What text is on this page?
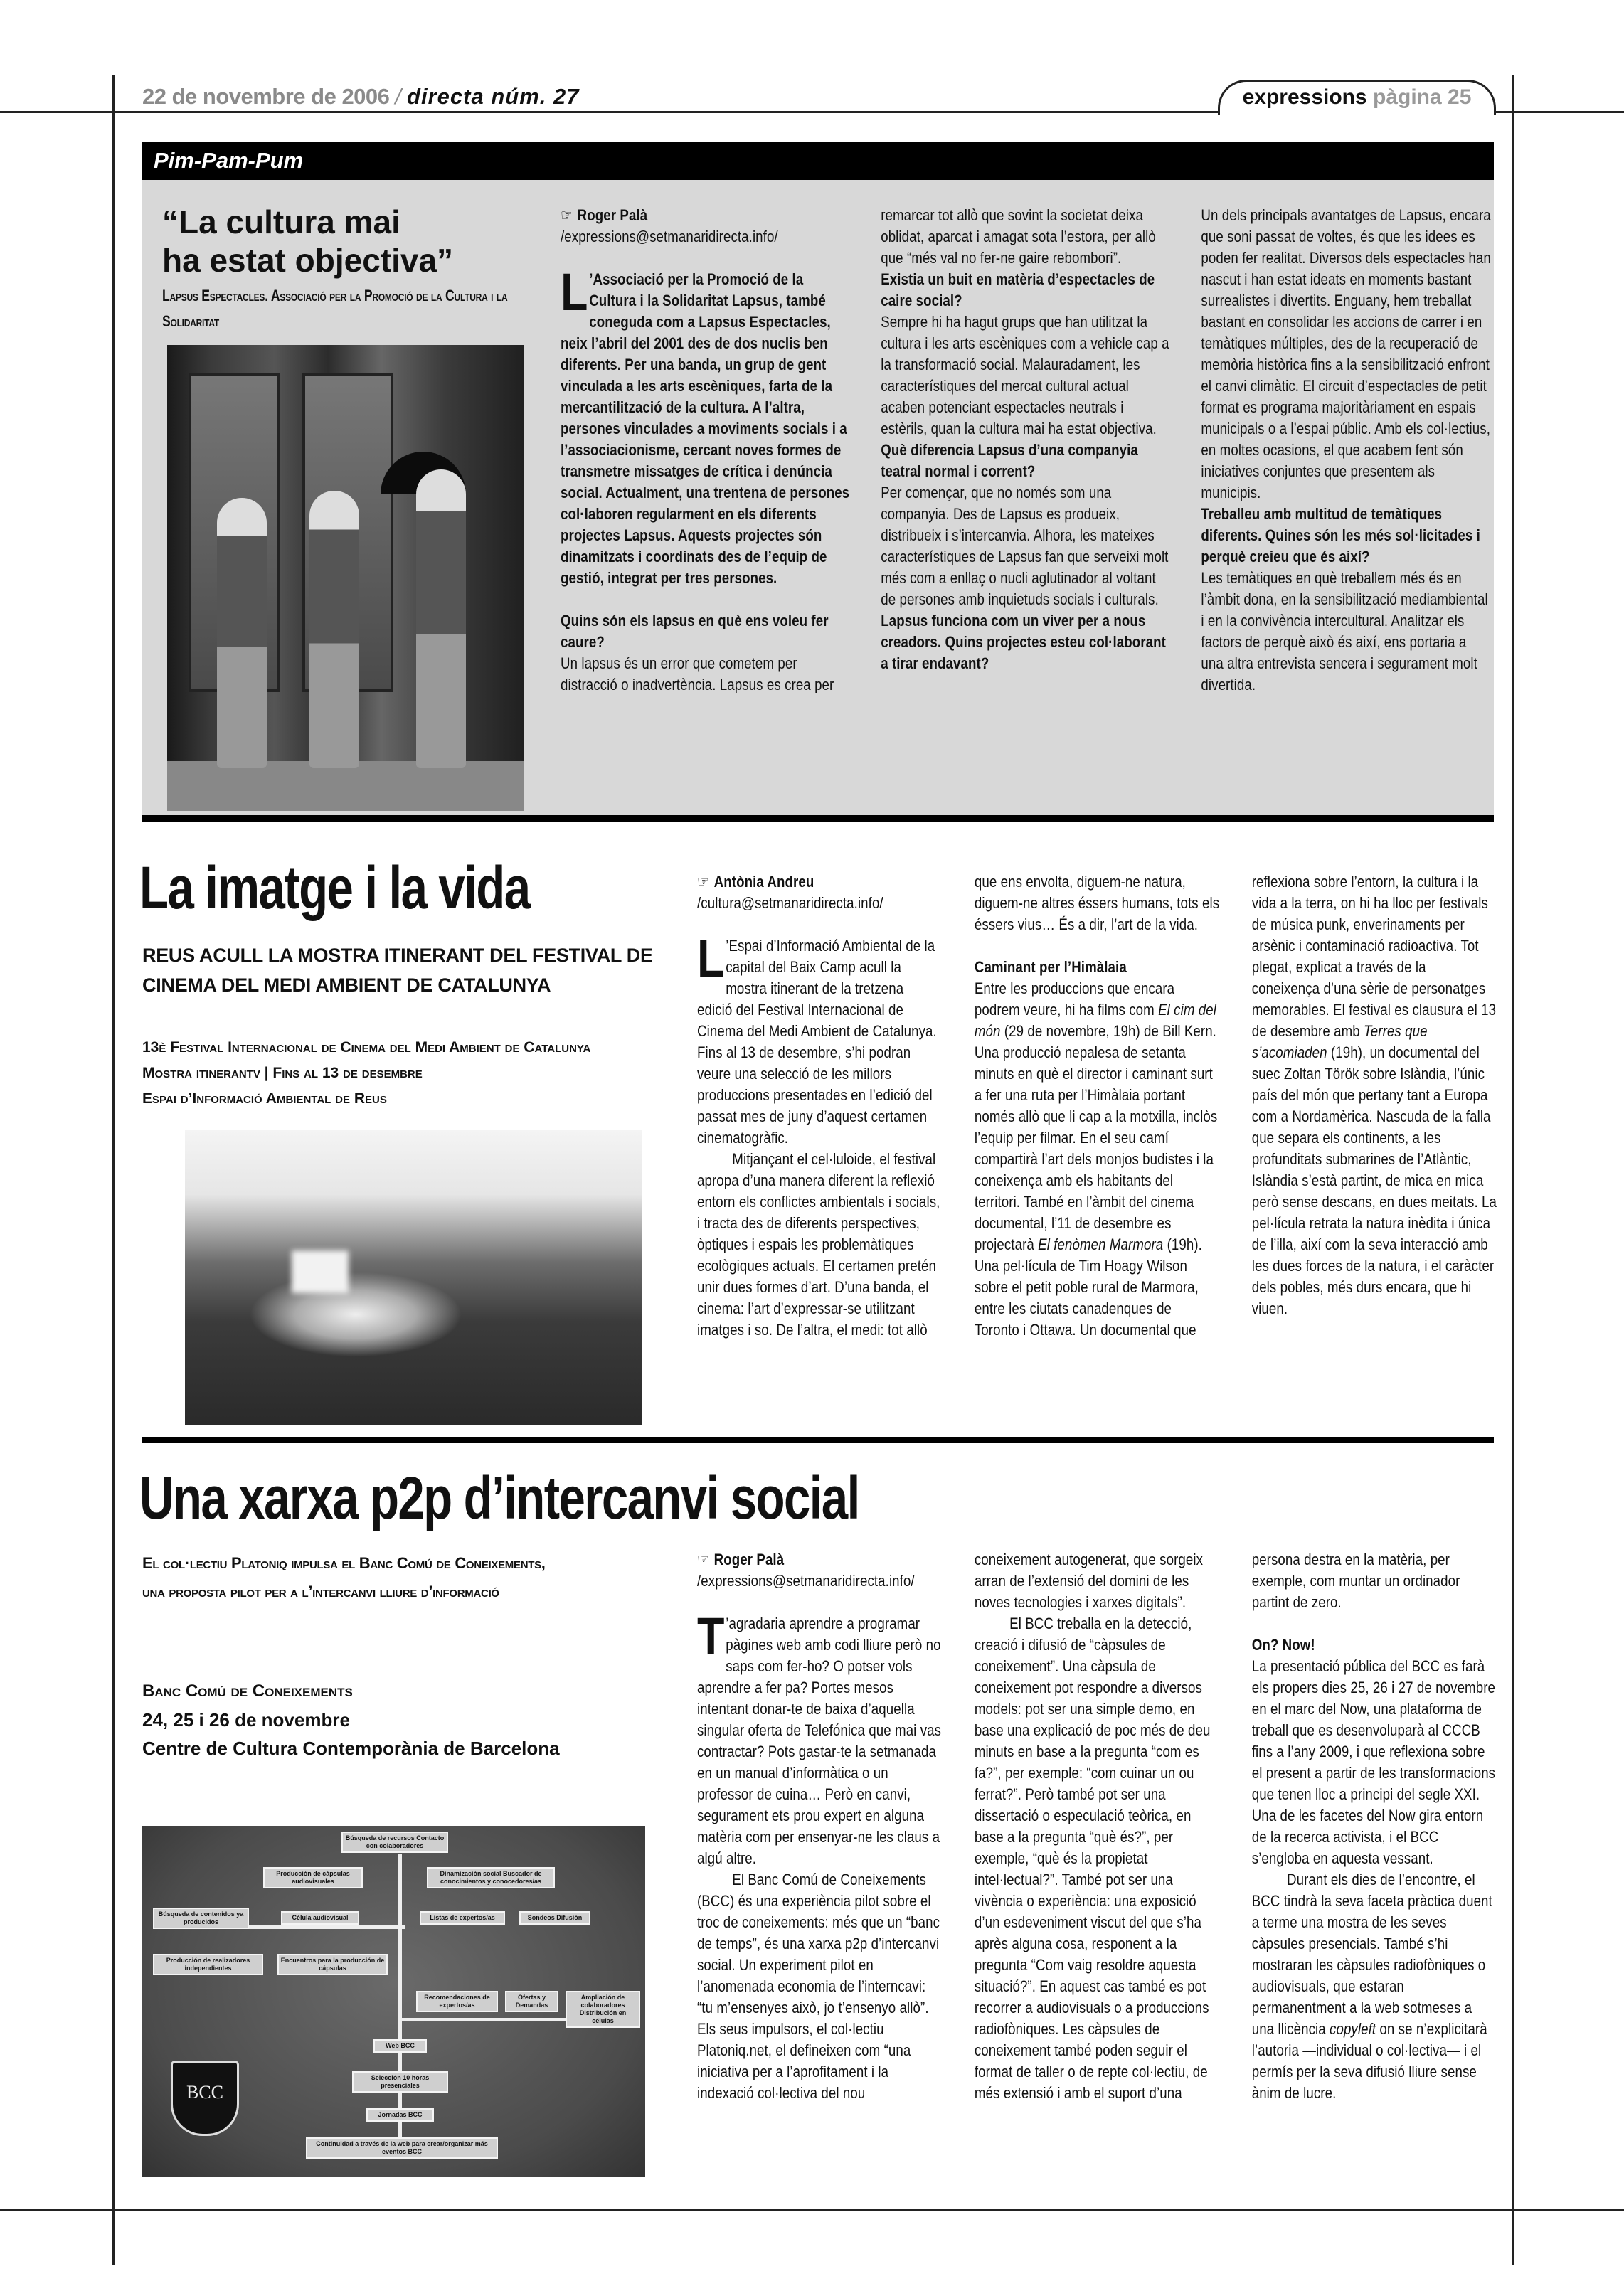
22 de novembre de 2006 / directa núm. 27	expressions pàgina 25
Pim-Pam-Pum
“La cultura mai
ha estat objectiva”
Lapsus Espectacles. Associació per la Promoció de la Cultura i la Solidaritat

☞ Roger Palà

/expressions@setmanaridirecta.info/

L ’Associació per la Promoció de la Cultura i la Solidaritat Lapsus, també coneguda com a Lapsus Espectacles, neix l’abril del 2001 des de dos nuclis ben diferents. Per una banda, un grup de gent vinculada a les arts escèniques, farta de la mercantilització de la cultura. A l’altra, persones vinculades a moviments socials i a l’associacionisme, cercant noves formes de transmetre missatges de crítica i denúncia social. Actualment, una trentena de persones col·laboren regularment en els diferents projectes Lapsus. Aquests projectes són dinamitzats i coordinats des de l’equip de gestió, integrat per tres persones.

Quins són els lapsus en què ens voleu fer caure?

Un lapsus és un error que cometem per distracció o inadvertència. Lapsus es crea per remarcar tot allò que sovint la societat deixa oblidat, aparcat i amagat sota l’estora, per allò que “més val no fer-ne gaire rebombori”.

Existia un buit en matèria d’espectacles de caire social?

Sempre hi ha hagut grups que han utilitzat la cultura i les arts escèniques com a vehicle cap a la transformació social. Malauradament, les característiques del mercat cultural actual acaben potenciant espectacles neutrals i estèrils, quan la cultura mai ha estat objectiva.

Què diferencia Lapsus d’una companyia teatral normal i corrent?

Per començar, que no només som una companyia. Des de Lapsus es produeix, distribueix i s’intercanvia. Alhora, les mateixes característiques de Lapsus fan que serveixi molt més com a enllaç o nucli aglutinador al voltant de persones amb inquietuds socials i culturals.

Lapsus funciona com un viver per a nous creadors. Quins projectes esteu col·laborant a tirar endavant?

Un dels principals avantatges de Lapsus, encara que soni passat de voltes, és que les idees es poden fer realitat. Diversos dels espectacles han nascut i han estat ideats en moments bastant surrealistes i divertits. Enguany, hem treballat bastant en consolidar les accions de carrer i en temàtiques múltiples, des de la recuperació de memòria històrica fins a la sensibilització enfront el canvi climàtic. El circuit d’espectacles de petit format es programa majoritàriament en espais municipals o a l’espai públic. Amb els col·lectius, en moltes ocasions, el que acabem fent són iniciatives conjuntes que presentem als municipis.

Treballeu amb multitud de temàtiques diferents. Quines són les més sol·licitades i perquè creieu que és així?

Les temàtiques en què treballem més és en l’àmbit dona, en la sensibilització mediambiental i en la convivència intercultural. Analitzar els factors de perquè això és així, ens portaria a una altra entrevista sencera i segurament molt divertida.

La imatge i la vida
REUS ACULL LA MOSTRA ITINERANT DEL FESTIVAL DE CINEMA DEL MEDI AMBIENT DE CATALUNYA
13è Festival Internacional de Cinema del Medi Ambient de Catalunya
Mostra itinerantv | Fins al 13 de desembre
Espai d’Informació Ambiental de Reus

☞ Antònia Andreu

/cultura@setmanaridirecta.info/

L ’Espai d’Informació Ambiental de la capital del Baix Camp acull la mostra itinerant de la tretzena edició del Festival Internacional de Cinema del Medi Ambient de Catalunya. Fins al 13 de desembre, s’hi podran veure una selecció de les millors produccions presentades en l’edició del passat mes de juny d’aquest certamen cinematogràfic.

Mitjançant el cel·luloide, el festival apropa d’una manera diferent la reflexió entorn els conflictes ambientals i socials, i tracta des de diferents perspectives, òptiques i espais les problemàtiques ecològiques actuals. El certamen pretén unir dues formes d’art. D’una banda, el cinema: l’art d’expressar-se utilitzant imatges i so. De l’altra, el medi: tot allò que ens envolta, diguem-ne natura, diguem-ne altres éssers humans, tots els éssers vius… És a dir, l’art de la vida.

Caminant per l’Himàlaia

Entre les produccions que encara podrem veure, hi ha films com El cim del món (29 de novembre, 19h) de Bill Kern. Una producció nepalesa de setanta minuts en què el director i caminant surt a fer una ruta per l’Himàlaia portant només allò que li cap a la motxilla, inclòs l’equip per filmar. En el seu camí compartirà l’art dels monjos budistes i la coneixença amb els habitants del territori. També en l’àmbit del cinema documental, l’11 de desembre es projectarà El fenòmen Marmora (19h). Una pel·lícula de Tim Hoagy Wilson sobre el petit poble rural de Marmora, entre les ciutats canadenques de Toronto i Ottawa. Un documental que reflexiona sobre l’entorn, la cultura i la vida a la terra, on hi ha lloc per festivals de música punk, enverinaments per arsènic i contaminació radioactiva. Tot plegat, explicat a través de la coneixença d’una sèrie de personatges memorables. El festival es clausura el 13 de desembre amb Terres que s’acomiaden (19h), un documental del suec Zoltan Török sobre Islàndia, l’únic país del món que pertany tant a Europa com a Nordamèrica. Nascuda de la falla que separa els continents, a les profunditats submarines de l’Atlàntic, Islàndia s’està partint, de mica en mica però sense descans, en dues meitats. La pel·lícula retrata la natura inèdita i única de l’illa, així com la seva interacció amb les dues forces de la natura, i el caràcter dels pobles, més durs encara, que hi viuen.

Una xarxa p2p d’intercanvi social
El col·lectiu Platoniq impulsa el Banc Comú de Coneixements,
una proposta pilot per a l’intercanvi lliure d’informació
Banc Comú de Coneixements
24, 25 i 26 de novembre
Centre de Cultura Contemporània de Barcelona
Búsqueda de recursos Contacto con colaboradores
Producción de cápsulas audiovisuales
Dinamización social Buscador de conocimientos y conocedores/as
Búsqueda de contenidos ya producidos
Célula audiovisual	Listas de expertos/as	Sondeos Difusión
Producción de realizadores independientes
Encuentros para la producción de cápsulas
Recomendaciones de expertos/as
Ofertas y Demandas
Ampliación de colaboradores Distribución en células
Web BCC
Selección 10 horas presenciales
Jornadas BCC
Continuidad a través de la web para crear/organizar más eventos BCC
BCC

☞ Roger Palà

/expressions@setmanaridirecta.info/

T ’agradaria aprendre a programar pàgines web amb codi lliure però no saps com fer-ho? O potser vols aprendre a fer pa? Portes mesos intentant donar-te de baixa d’aquella singular oferta de Telefónica que mai vas contractar? Pots gastar-te la setmanada en un manual d’informàtica o un professor de cuina… Però en canvi, segurament ets prou expert en alguna matèria com per ensenyar-ne les claus a algú altre.

El Banc Comú de Coneixements (BCC) és una experiència pilot sobre el troc de coneixements: més que un “banc de temps”, és una xarxa p2p d’intercanvi social. Un experiment pilot en l’anomenada economia de l’interncavi: “tu m’ensenyes això, jo t’ensenyo allò”. Els seus impulsors, el col·lectiu Platoniq.net, el defineixen com “una iniciativa per a l’aprofitament i la indexació col·lectiva del nou coneixement autogenerat, que sorgeix arran de l’extensió del domini de les noves tecnologies i xarxes digitals”.

El BCC treballa en la detecció, creació i difusió de “càpsules de coneixement”. Una càpsula de coneixement pot respondre a diversos models: pot ser una simple demo, en base una explicació de poc més de deu minuts en base a la pregunta “com es fa?”, per exemple: “com cuinar un ou ferrat?”. Però també pot ser una dissertació o especulació teòrica, en base a la pregunta “què és?”, per exemple, “què és la propietat intel·lectual?”. També pot ser una vivència o experiència: una exposició d’un esdeveniment viscut del que s’ha après alguna cosa, responent a la pregunta “Com vaig resoldre aquesta situació?”. En aquest cas també es pot recorrer a audiovisuals o a produccions radiofòniques. Les càpsules de coneixement també poden seguir el format de taller o de repte col·lectiu, de més extensió i amb el suport d’una persona destra en la matèria, per exemple, com muntar un ordinador partint de zero.

On? Now!

La presentació pública del BCC es farà els propers dies 25, 26 i 27 de novembre en el marc del Now, una plataforma de treball que es desenvoluparà al CCCB fins a l’any 2009, i que reflexiona sobre el present a partir de les transformacions que tenen lloc a principi del segle XXI. Una de les facetes del Now gira entorn de la recerca activista, i el BCC s’engloba en aquesta vessant.

Durant els dies de l’encontre, el BCC tindrà la seva faceta pràctica duent a terme una mostra de les seves càpsules presencials. També s’hi mostraran les càpsules radiofòniques o audiovisuals, que estaran permanentment a la web sotmeses a una llicència copyleft on se n’explicitarà l’autoria —individual o col·lectiva— i el permís per la seva difusió lliure sense ànim de lucre.
